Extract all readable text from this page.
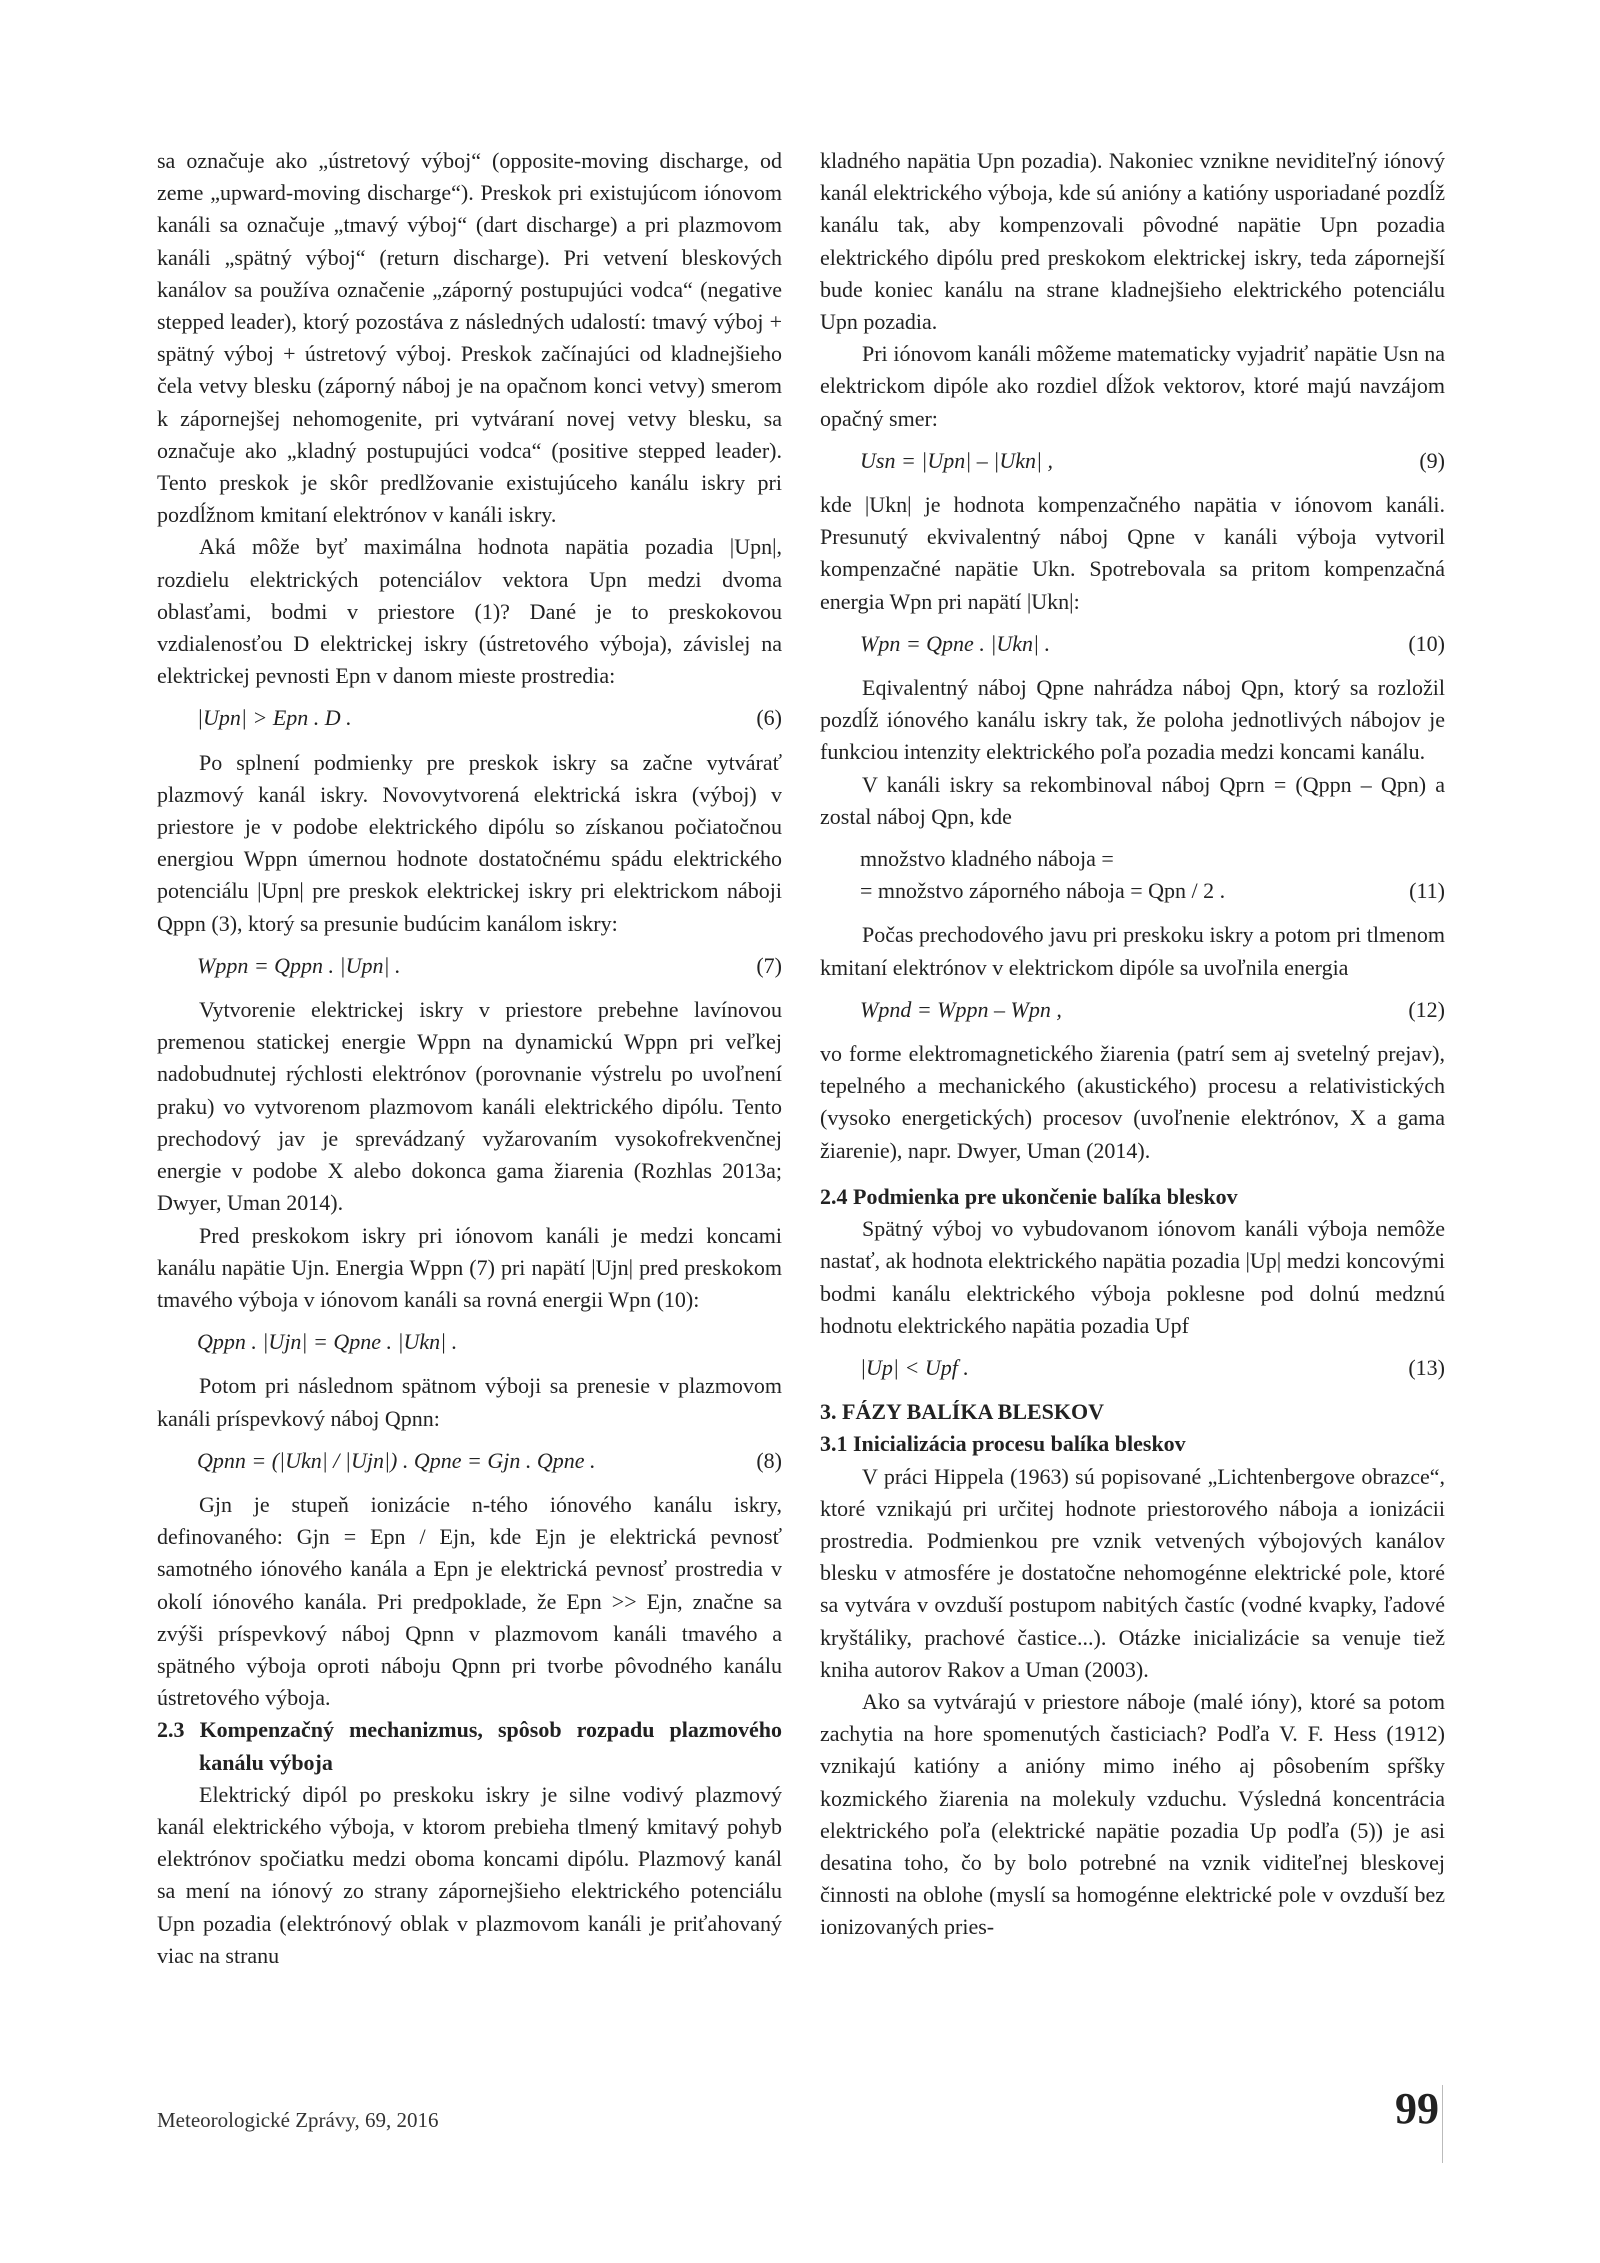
sa označuje ako „ústretový výboj“ (opposite-moving discharge, od zeme „upward-moving discharge“). Preskok pri existujúcom iónovom kanáli sa označuje „tmavý výboj“ (dart discharge) a pri plazmovom kanáli „spätný výboj“ (return discharge). Pri vetvení bleskových kanálov sa používa označenie „záporný postupujúci vodca“ (negative stepped leader), ktorý pozostáva z následných udalostí: tmavý výboj + spätný výboj + ústretový výboj. Preskok začínajúci od kladnejšieho čela vetvy blesku (záporný náboj je na opačnom konci vetvy) smerom k zápornejšej nehomogenite, pri vytváraní novej vetvy blesku, sa označuje ako „kladný postupujúci vodca“ (positive stepped leader). Tento preskok je skôr predlžovanie existujúceho kanálu iskry pri pozdĺžnom kmitaní elektrónov v kanáli iskry.

Aká môže byť maximálna hodnota napätia pozadia |Upn|, rozdielu elektrických potenciálov vektora Upn medzi dvoma oblasťami, bodmi v priestore (1)? Dané je to preskokovou vzdialenosťou D elektrickej iskry (ústretového výboja), závislej na elektrickej pevnosti Epn v danom mieste prostredia:

|Upn| > Epn . D .	(6)

Po splnení podmienky pre preskok iskry sa začne vytvárať plazmový kanál iskry. Novovytvorená elektrická iskra (výboj) v priestore je v podobe elektrického dipólu so získanou počiatočnou energiou Wppn úmernou hodnote dostatočnému spádu elektrického potenciálu |Upn| pre preskok elektrickej iskry pri elektrickom náboji Qppn (3), ktorý sa presunie budúcim kanálom iskry:

Wppn = Qppn . |Upn| .	(7)

Vytvorenie elektrickej iskry v priestore prebehne lavínovou premenou statickej energie Wppn na dynamickú Wppn pri veľkej nadobudnutej rýchlosti elektrónov (porovnanie výstrelu po uvoľnení praku) vo vytvorenom plazmovom kanáli elektrického dipólu. Tento prechodový jav je sprevádzaný vyžarovaním vysokofrekvenčnej energie v podobe X alebo dokonca gama žiarenia (Rozhlas 2013a; Dwyer, Uman 2014).

Pred preskokom iskry pri iónovom kanáli je medzi koncami kanálu napätie Ujn. Energia Wppn (7) pri napätí |Ujn| pred preskokom tmavého výboja v iónovom kanáli sa rovná energii Wpn (10):

Qppn . |Ujn| = Qpne . |Ukn| .

Potom pri následnom spätnom výboji sa prenesie v plazmovom kanáli príspevkový náboj Qpnn:

Qpnn = (|Ukn| / |Ujn|) . Qpne = Gjn . Qpne .	(8)

Gjn je stupeň ionizácie n-tého iónového kanálu iskry, definovaného: Gjn = Epn / Ejn, kde Ejn je elektrická pevnosť samotného iónového kanála a Epn je elektrická pevnosť prostredia v okolí iónového kanála. Pri predpoklade, že Epn >> Ejn, značne sa zvýši príspevkový náboj Qpnn v plazmovom kanáli tmavého a spätného výboja oproti náboju Qpnn pri tvorbe pôvodného kanálu ústretového výboja.

2.3 Kompenzačný mechanizmus, spôsob rozpadu plazmového kanálu výboja

Elektrický dipól po preskoku iskry je silne vodivý plazmový kanál elektrického výboja, v ktorom prebieha tlmený kmitavý pohyb elektrónov spočiatku medzi oboma koncami dipólu. Plazmový kanál sa mení na iónový zo strany zápornejšieho elektrického potenciálu Upn pozadia (elektrónový oblak v plazmovom kanáli je priťahovaný viac na stranu

kladného napätia Upn pozadia). Nakoniec vznikne neviditeľný iónový kanál elektrického výboja, kde sú anióny a katióny usporiadané pozdĺž kanálu tak, aby kompenzovali pôvodné napätie Upn pozadia elektrického dipólu pred preskokom elektrickej iskry, teda zápornejší bude koniec kanálu na strane kladnejšieho elektrického potenciálu Upn pozadia.

Pri iónovom kanáli môžeme matematicky vyjadriť napätie Usn na elektrickom dipóle ako rozdiel dĺžok vektorov, ktoré majú navzájom opačný smer:

Usn = |Upn| – |Ukn| ,	(9)

kde |Ukn| je hodnota kompenzačného napätia v iónovom kanáli. Presunutý ekvivalentný náboj Qpne v kanáli výboja vytvoril kompenzačné napätie Ukn. Spotrebovala sa pritom kompenzačná energia Wpn pri napätí |Ukn|:

Wpn = Qpne . |Ukn| .	(10)

Eqivalentný náboj Qpne nahrádza náboj Qpn, ktorý sa rozložil pozdĺž iónového kanálu iskry tak, že poloha jednotlivých nábojov je funkciou intenzity elektrického poľa pozadia medzi koncami kanálu.

V kanáli iskry sa rekombinoval náboj Qprn = (Qppn – Qpn) a zostal náboj Qpn, kde

množstvo kladného náboja =
= množstvo záporného náboja = Qpn / 2 .	(11)

Počas prechodového javu pri preskoku iskry a potom pri tlmenom kmitaní elektrónov v elektrickom dipóle sa uvoľnila energia

Wpnd = Wppn – Wpn ,	(12)

vo forme elektromagnetického žiarenia (patrí sem aj svetelný prejav), tepelného a mechanického (akustického) procesu a relativistických (vysoko energetických) procesov (uvoľnenie elektrónov, X a gama žiarenie), napr. Dwyer, Uman (2014).

2.4 Podmienka pre ukončenie balíka bleskov

Spätný výboj vo vybudovanom iónovom kanáli výboja nemôže nastať, ak hodnota elektrického napätia pozadia |Up| medzi koncovými bodmi kanálu elektrického výboja poklesne pod dolnú medznú hodnotu elektrického napätia pozadia Upf

|Up| < Upf .	(13)

3. FÁZY BALÍKA BLESKOV

3.1 Inicializácia procesu balíka bleskov

V práci Hippela (1963) sú popisované „Lichtenbergove obrazce“, ktoré vznikajú pri určitej hodnote priestorového náboja a ionizácii prostredia. Podmienkou pre vznik vetvených výbojových kanálov blesku v atmosfére je dostatočne nehomogénne elektrické pole, ktoré sa vytvára v ovzduší postupom nabitých častíc (vodné kvapky, ľadové kryštáliky, prachové častice...). Otázke inicializácie sa venuje tiež kniha autorov Rakov a Uman (2003).

Ako sa vytvárajú v priestore náboje (malé ióny), ktoré sa potom zachytia na hore spomenutých časticiach? Podľa V. F. Hess (1912) vznikajú katióny a anióny mimo iného aj pôsobením spŕšky kozmického žiarenia na molekuly vzduchu. Výsledná koncentrácia elektrického poľa (elektrické napätie pozadia Up podľa (5)) je asi desatina toho, čo by bolo potrebné na vznik viditeľnej bleskovej činnosti na oblohe (myslí sa homogénne elektrické pole v ovzduší bez ionizovaných pries-

Meteorologické Zprávy, 69, 2016	99
